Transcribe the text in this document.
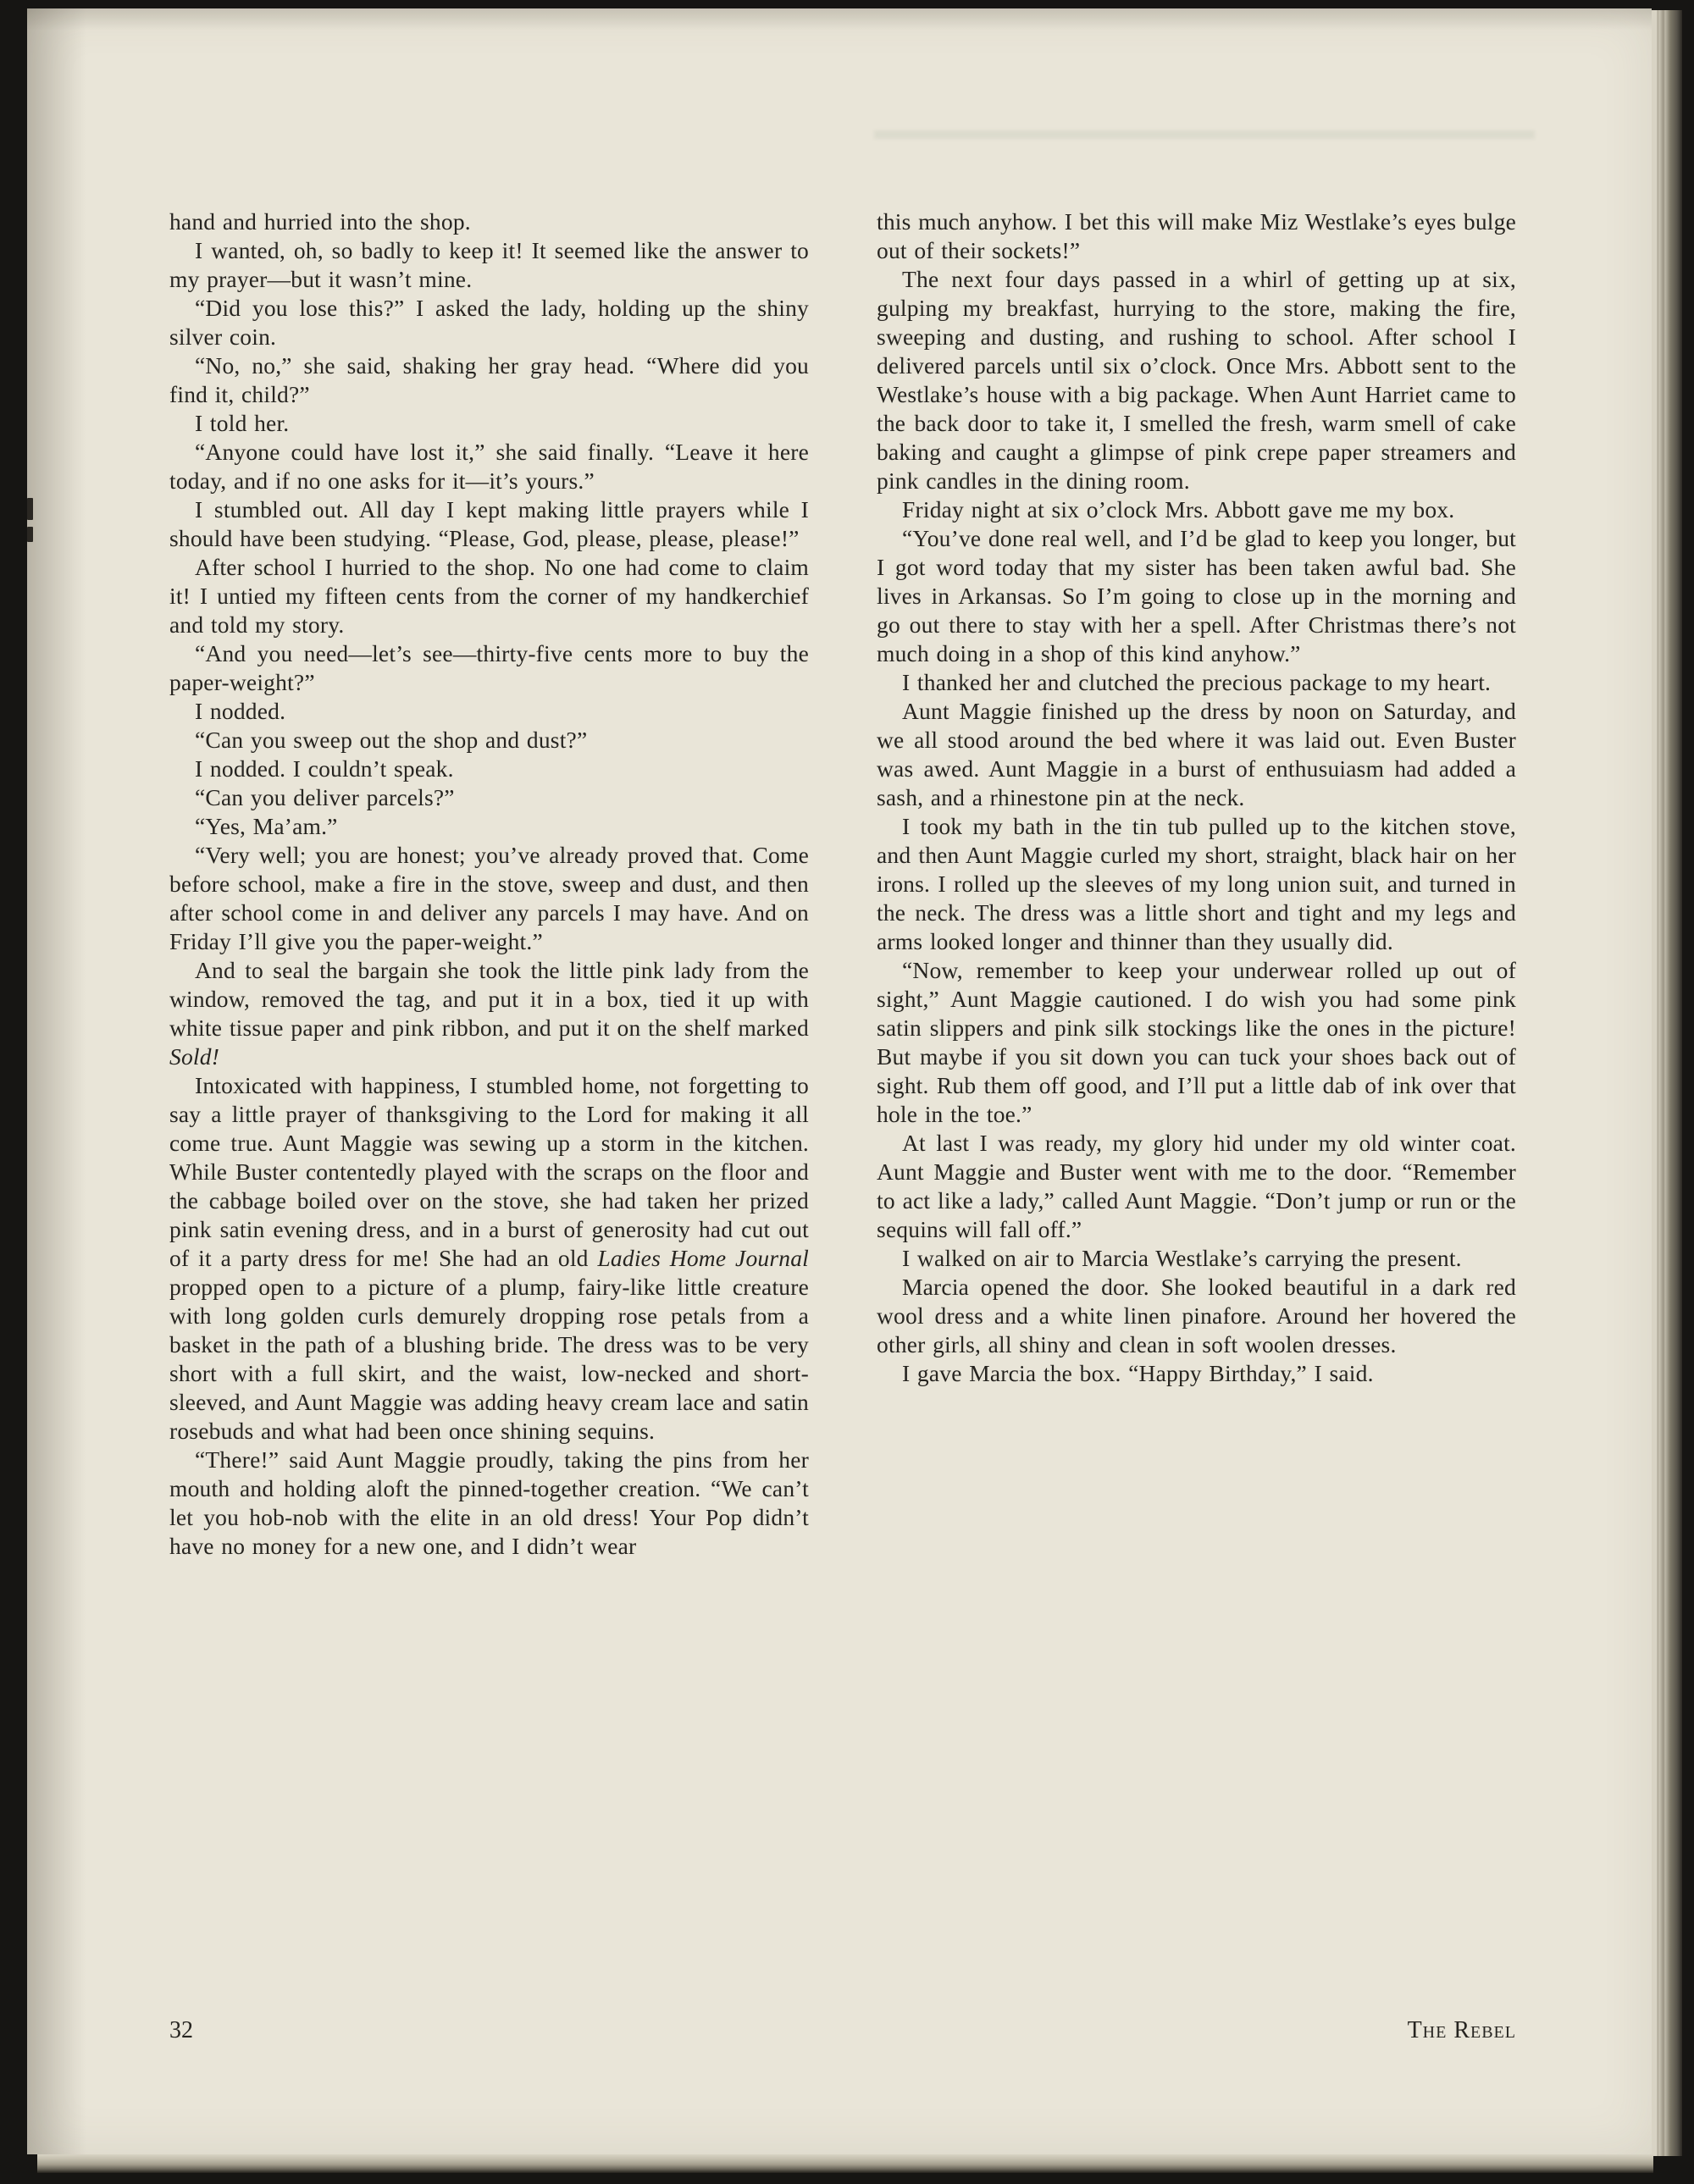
hand and hurried into the shop.

I wanted, oh, so badly to keep it! It seemed like the answer to my prayer—but it wasn’t mine.

“Did you lose this?” I asked the lady, holding up the shiny silver coin.

“No, no,” she said, shaking her gray head. “Where did you find it, child?”

I told her.

“Anyone could have lost it,” she said finally. “Leave it here today, and if no one asks for it—it’s yours.”

I stumbled out. All day I kept making little prayers while I should have been studying. “Please, God, please, please, please!”

After school I hurried to the shop. No one had come to claim it! I untied my fifteen cents from the corner of my handkerchief and told my story.

“And you need—let’s see—thirty-five cents more to buy the paper-weight?”

I nodded.

“Can you sweep out the shop and dust?”

I nodded. I couldn’t speak.

“Can you deliver parcels?”

“Yes, Ma’am.”

“Very well; you are honest; you’ve already proved that. Come before school, make a fire in the stove, sweep and dust, and then after school come in and deliver any parcels I may have. And on Friday I’ll give you the paper-weight.”

And to seal the bargain she took the little pink lady from the window, removed the tag, and put it in a box, tied it up with white tissue paper and pink ribbon, and put it on the shelf marked Sold!

Intoxicated with happiness, I stumbled home, not forgetting to say a little prayer of thanksgiving to the Lord for making it all come true. Aunt Maggie was sewing up a storm in the kitchen. While Buster contentedly played with the scraps on the floor and the cabbage boiled over on the stove, she had taken her prized pink satin evening dress, and in a burst of generosity had cut out of it a party dress for me! She had an old Ladies Home Journal propped open to a picture of a plump, fairy-like little creature with long golden curls demurely dropping rose petals from a basket in the path of a blushing bride. The dress was to be very short with a full skirt, and the waist, low-necked and short-sleeved, and Aunt Maggie was adding heavy cream lace and satin rosebuds and what had been once shining sequins.

“There!” said Aunt Maggie proudly, taking the pins from her mouth and holding aloft the pinned-together creation. “We can’t let you hob-nob with the elite in an old dress! Your Pop didn’t have no money for a new one, and I didn’t wear

this much anyhow. I bet this will make Miz Westlake’s eyes bulge out of their sockets!”

The next four days passed in a whirl of getting up at six, gulping my breakfast, hurrying to the store, making the fire, sweeping and dusting, and rushing to school. After school I delivered parcels until six o’clock. Once Mrs. Abbott sent to the Westlake’s house with a big package. When Aunt Harriet came to the back door to take it, I smelled the fresh, warm smell of cake baking and caught a glimpse of pink crepe paper streamers and pink candles in the dining room.

Friday night at six o’clock Mrs. Abbott gave me my box.

“You’ve done real well, and I’d be glad to keep you longer, but I got word today that my sister has been taken awful bad. She lives in Arkansas. So I’m going to close up in the morning and go out there to stay with her a spell. After Christmas there’s not much doing in a shop of this kind anyhow.”

I thanked her and clutched the precious package to my heart.

Aunt Maggie finished up the dress by noon on Saturday, and we all stood around the bed where it was laid out. Even Buster was awed. Aunt Maggie in a burst of enthusuiasm had added a sash, and a rhinestone pin at the neck.

I took my bath in the tin tub pulled up to the kitchen stove, and then Aunt Maggie curled my short, straight, black hair on her irons. I rolled up the sleeves of my long union suit, and turned in the neck. The dress was a little short and tight and my legs and arms looked longer and thinner than they usually did.

“Now, remember to keep your underwear rolled up out of sight,” Aunt Maggie cautioned. I do wish you had some pink satin slippers and pink silk stockings like the ones in the picture! But maybe if you sit down you can tuck your shoes back out of sight. Rub them off good, and I’ll put a little dab of ink over that hole in the toe.”

At last I was ready, my glory hid under my old winter coat. Aunt Maggie and Buster went with me to the door. “Remember to act like a lady,” called Aunt Maggie. “Don’t jump or run or the sequins will fall off.”

I walked on air to Marcia Westlake’s carrying the present.

Marcia opened the door. She looked beautiful in a dark red wool dress and a white linen pinafore. Around her hovered the other girls, all shiny and clean in soft woolen dresses.

I gave Marcia the box. “Happy Birthday,” I said.

32	The Rebel
